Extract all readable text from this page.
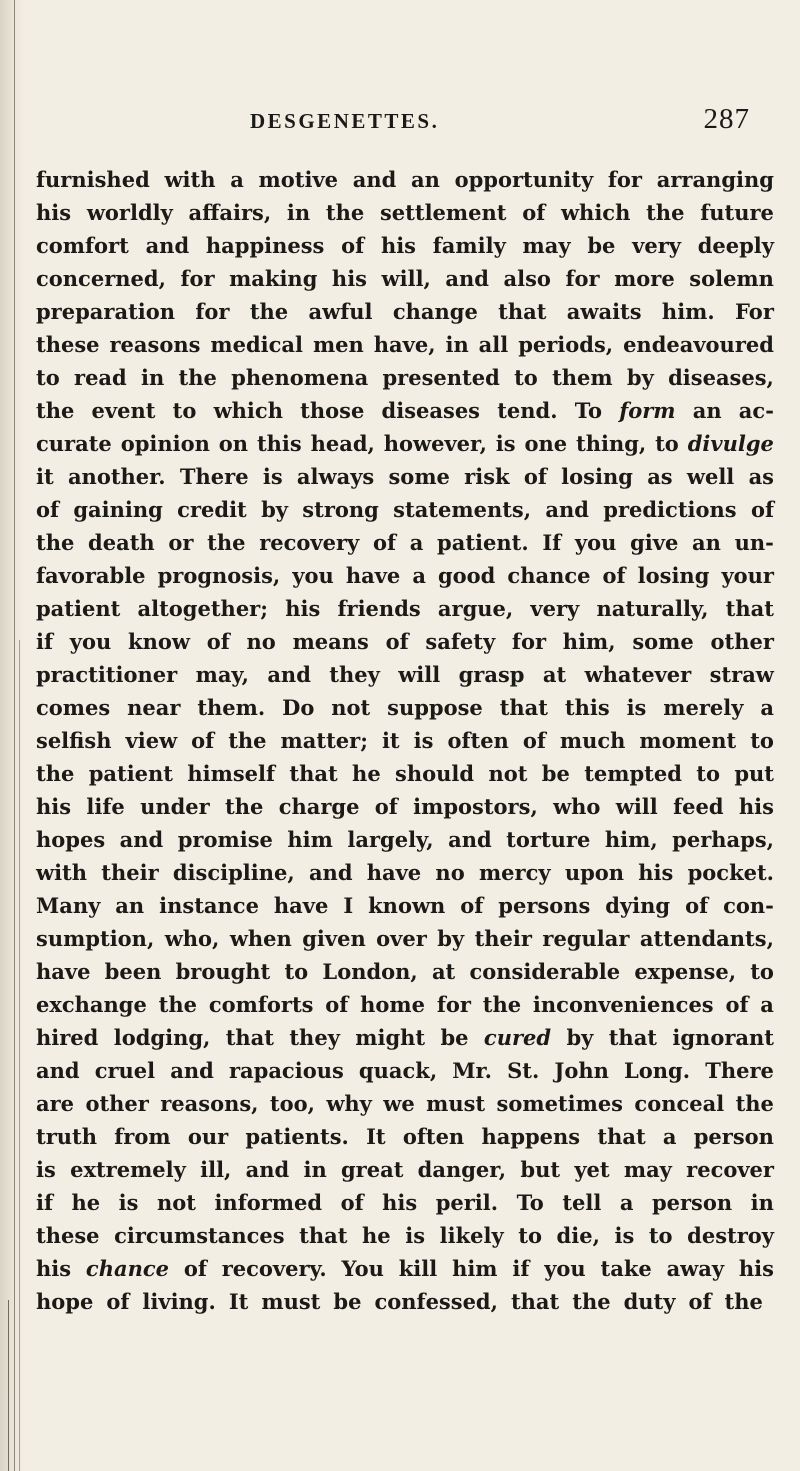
DESGENETTES.	287
furnished with a motive and an opportunity for arranging
his worldly affairs, in the settlement of which the future
comfort and happiness of his family may be very deeply
concerned, for making his will, and also for more solemn
preparation for the awful change that awaits him. For
these reasons medical men have, in all periods, endeavoured
to read in the phenomena presented to them by diseases,
the event to which those diseases tend. To form an ac-
curate opinion on this head, however, is one thing, to divulge
it another. There is always some risk of losing as well as
of gaining credit by strong statements, and predictions of
the death or the recovery of a patient. If you give an un-
favorable prognosis, you have a good chance of losing your
patient altogether; his friends argue, very naturally, that
if you know of no means of safety for him, some other
practitioner may, and they will grasp at whatever straw
comes near them. Do not suppose that this is merely a
selfish view of the matter; it is often of much moment to
the patient himself that he should not be tempted to put
his life under the charge of impostors, who will feed his
hopes and promise him largely, and torture him, perhaps,
with their discipline, and have no mercy upon his pocket.
Many an instance have I known of persons dying of con-
sumption, who, when given over by their regular attendants,
have been brought to London, at considerable expense, to
exchange the comforts of home for the inconveniences of a
hired lodging, that they might be cured by that ignorant
and cruel and rapacious quack, Mr. St. John Long. There
are other reasons, too, why we must sometimes conceal the
truth from our patients. It often happens that a person
is extremely ill, and in great danger, but yet may recover
if he is not informed of his peril. To tell a person in
these circumstances that he is likely to die, is to destroy
his chance of recovery. You kill him if you take away his
hope of living. It must be confessed, that the duty of the
